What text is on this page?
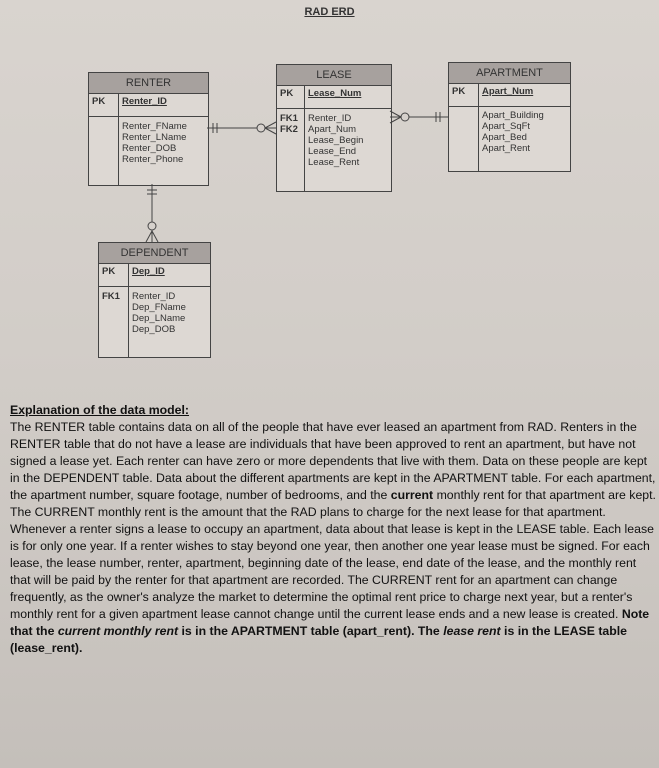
RAD ERD
RENTER
PK	Renter_ID
Renter_FName
Renter_LName
Renter_DOB
Renter_Phone
LEASE
PK	Lease_Num
FK1
FK2
Renter_ID
Apart_Num
Lease_Begin
Lease_End
Lease_Rent
APARTMENT
PK	Apart_Num
Apart_Building
Apart_SqFt
Apart_Bed
Apart_Rent
DEPENDENT
PK	Dep_ID
FK1	Renter_ID
Dep_FName
Dep_LName
Dep_DOB
Explanation of the data model:

The RENTER table contains data on all of the people that have ever leased an apartment from RAD. Renters in the RENTER table that do not have a lease are individuals that have been approved to rent an apartment, but have not signed a lease yet. Each renter can have zero or more dependents that live with them. Data on these people are kept in the DEPENDENT table. Data about the different apartments are kept in the APARTMENT table. For each apartment, the apartment number, square footage, number of bedrooms, and the current monthly rent for that apartment are kept. The CURRENT monthly rent is the amount that the RAD plans to charge for the next lease for that apartment. Whenever a renter signs a lease to occupy an apartment, data about that lease is kept in the LEASE table. Each lease is for only one year. If a renter wishes to stay beyond one year, then another one year lease must be signed. For each lease, the lease number, renter, apartment, beginning date of the lease, end date of the lease, and the monthly rent that will be paid by the renter for that apartment are recorded. The CURRENT rent for an apartment can change frequently, as the owner's analyze the market to determine the optimal rent price to charge next year, but a renter's monthly rent for a given apartment lease cannot change until the current lease ends and a new lease is created. Note that the current monthly rent is in the APARTMENT table (apart_rent). The lease rent is in the LEASE table (lease_rent).
